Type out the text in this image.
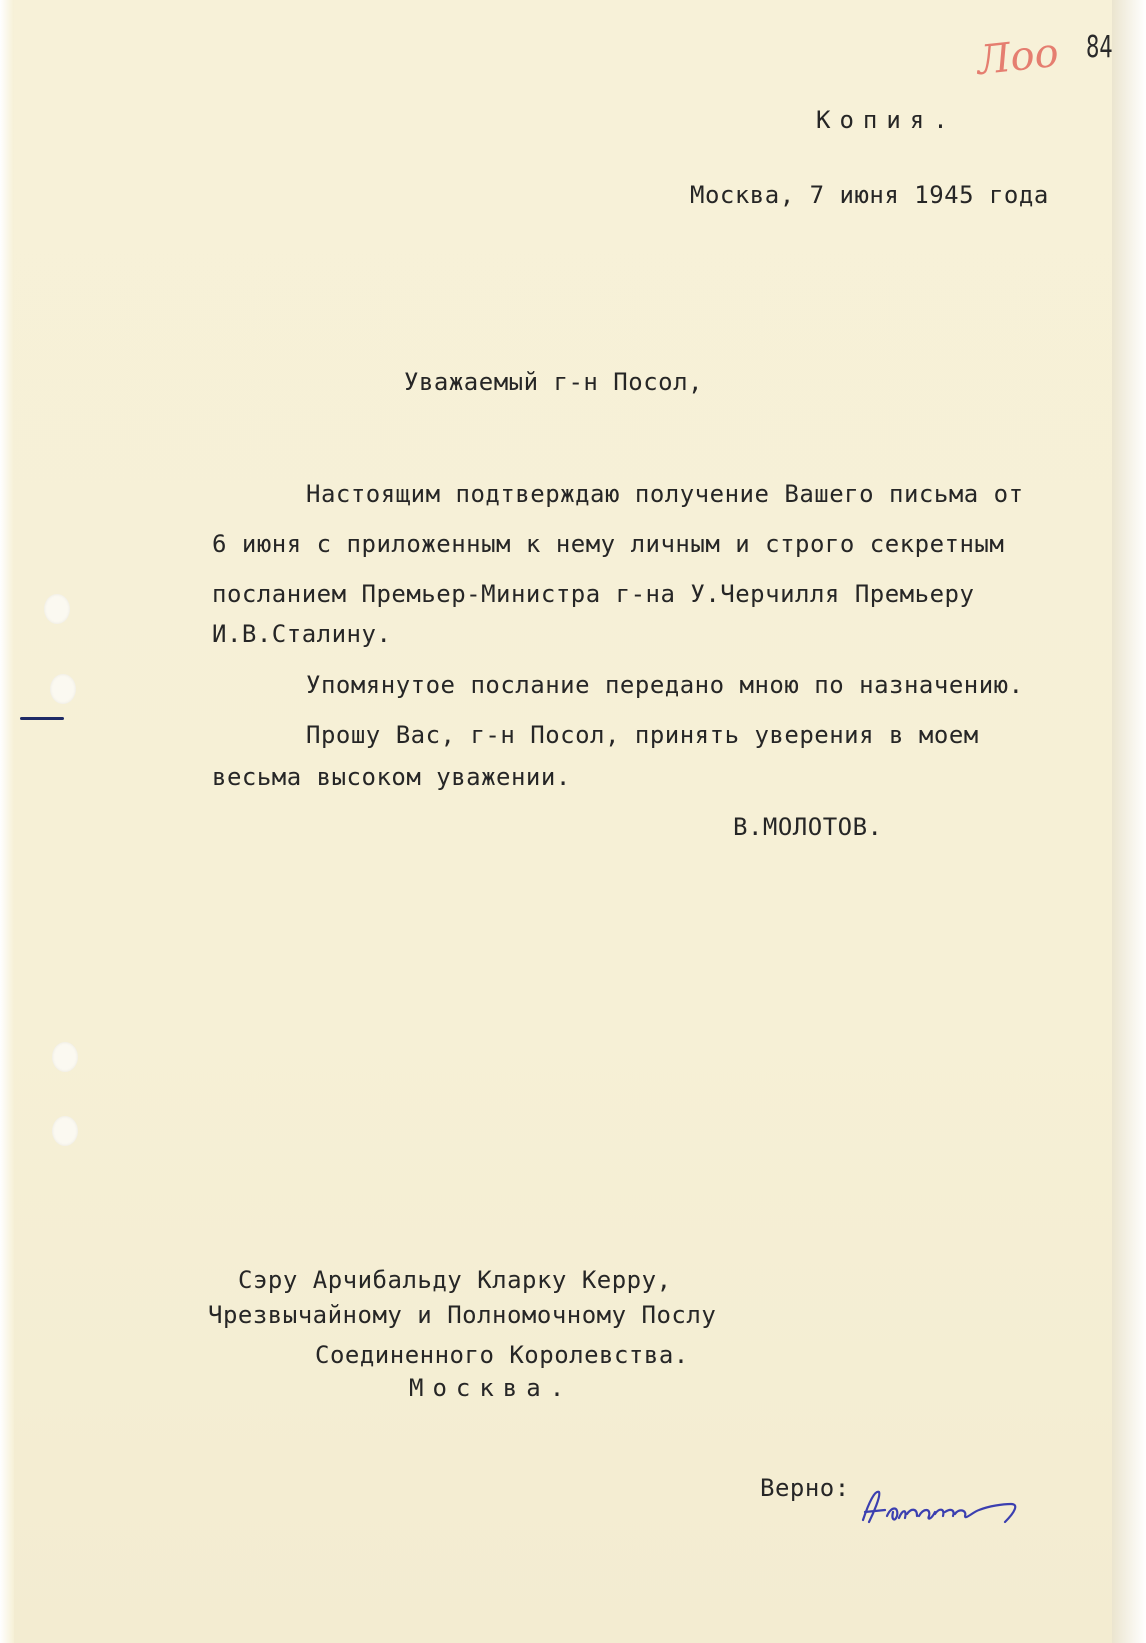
Лоо 84
Копия.
Москва, 7 июня 1945 года
Уважаемый г-н Посол,
Настоящим подтверждаю получение Вашего письма от
6 июня с приложенным к нему личным и строго секретным
посланием Премьер-Министра г-на У.Черчилля Премьеру
И.В.Сталину.
Упомянутое послание передано мною по назначению.
Прошу Вас, г-н Посол, принять уверения в моем
весьма высоком уважении.
В.МОЛОТОВ.
Сэру Арчибальду Кларку Керру,
Чрезвычайному и Полномочному Послу
Соединенного Королевства.
Москва.
Верно:
